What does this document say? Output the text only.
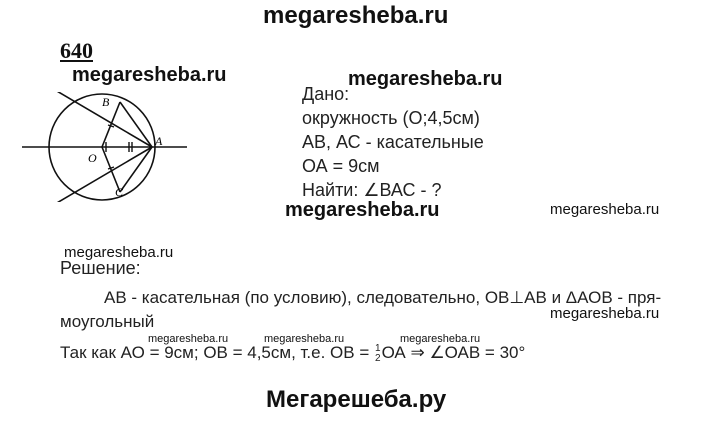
megaresheba.ru
640
megaresheba.ru	megaresheba.ru
megaresheba.ru	megaresheba.ru
megaresheba.ru
megaresheba.ru
megaresheba.ru	megaresheba.ru	megaresheba.ru
B
O
A
C
Дано:
окружность (О;4,5см)
АВ, АС - касательные
ОА = 9см
Найти: ∠ВАС - ?
Решение:
АВ - касательная (по условию), следовательно, ОВ⊥АВ и ΔАОВ - пря-
моугольный
Так как АО = 9см; ОВ = 4,5см, т.е. ОВ = 1
2 ОА ⇒ ∠ОАВ = 30°
Мегарешеба.ру
